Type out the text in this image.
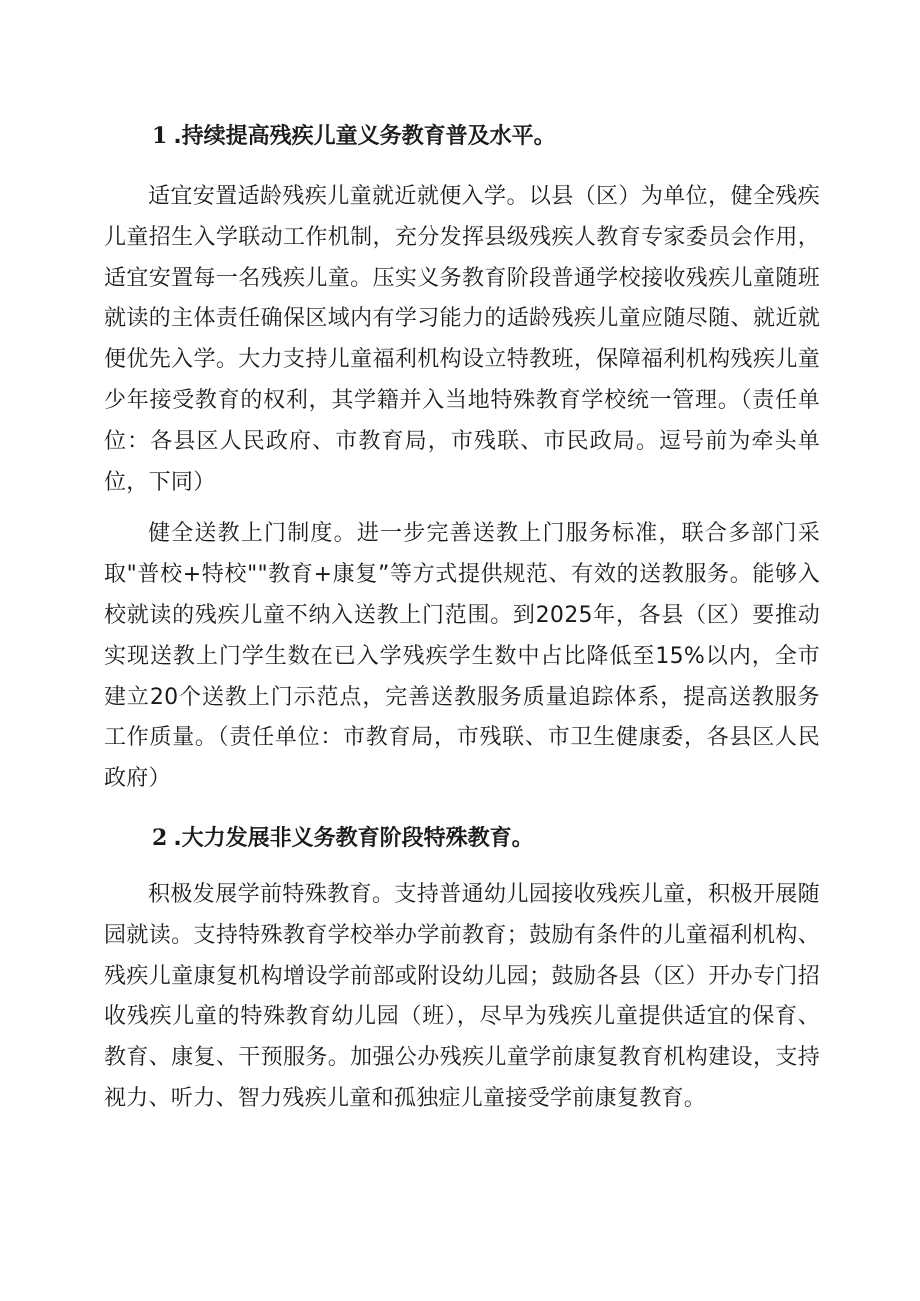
1 .持续提高残疾儿童义务教育普及水平。

适宜安置适龄残疾儿童就近就便入学。以县（区）为单位，健全残疾儿童招生入学联动工作机制，充分发挥县级残疾人教育专家委员会作用，适宜安置每一名残疾儿童。压实义务教育阶段普通学校接收残疾儿童随班就读的主体责任确保区域内有学习能力的适龄残疾儿童应随尽随、就近就便优先入学。大力支持儿童福利机构设立特教班，保障福利机构残疾儿童少年接受教育的权利，其学籍并入当地特殊教育学校统一管理。（责任单位：各县区人民政府、市教育局，市残联、市民政局。逗号前为牵头单位，下同）

健全送教上门制度。进一步完善送教上门服务标准，联合多部门采取"普校+特校""教育+康复”等方式提供规范、有效的送教服务。能够入校就读的残疾儿童不纳入送教上门范围。到2025年，各县（区）要推动实现送教上门学生数在已入学残疾学生数中占比降低至15%以内，全市建立20个送教上门示范点，完善送教服务质量追踪体系，提高送教服务工作质量。（责任单位：市教育局，市残联、市卫生健康委，各县区人民政府）

2 .大力发展非义务教育阶段特殊教育。

积极发展学前特殊教育。支持普通幼儿园接收残疾儿童，积极开展随园就读。支持特殊教育学校举办学前教育；鼓励有条件的儿童福利机构、残疾儿童康复机构增设学前部或附设幼儿园；鼓励各县（区）开办专门招收残疾儿童的特殊教育幼儿园（班），尽早为残疾儿童提供适宜的保育、教育、康复、干预服务。加强公办残疾儿童学前康复教育机构建设，支持视力、听力、智力残疾儿童和孤独症儿童接受学前康复教育。
